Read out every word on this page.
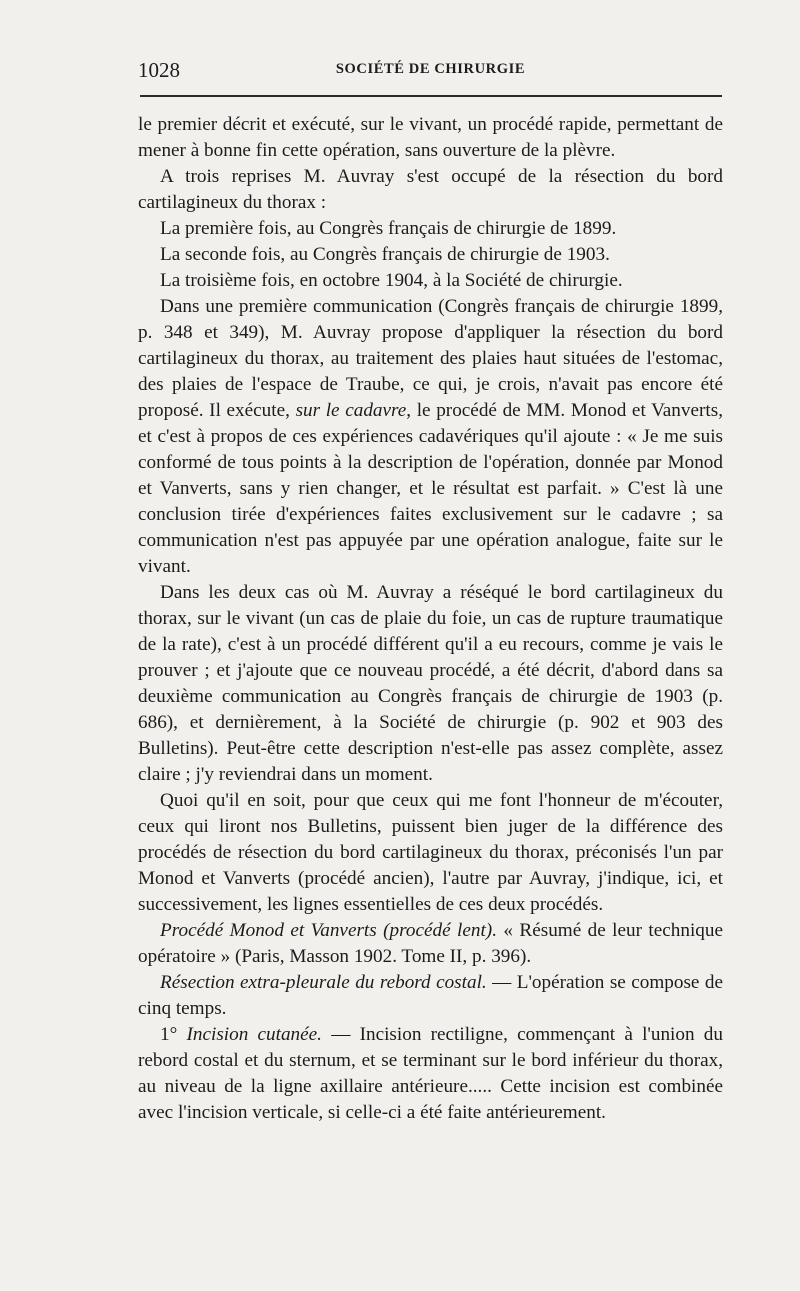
1028	SOCIÉTÉ DE CHIRURGIE

le premier décrit et exécuté, sur le vivant, un procédé rapide, permettant de mener à bonne fin cette opération, sans ouverture de la plèvre.

A trois reprises M. Auvray s'est occupé de la résection du bord cartilagineux du thorax :

La première fois, au Congrès français de chirurgie de 1899.

La seconde fois, au Congrès français de chirurgie de 1903.

La troisième fois, en octobre 1904, à la Société de chirurgie.

Dans une première communication (Congrès français de chirurgie 1899, p. 348 et 349), M. Auvray propose d'appliquer la résection du bord cartilagineux du thorax, au traitement des plaies haut situées de l'estomac, des plaies de l'espace de Traube, ce qui, je crois, n'avait pas encore été proposé. Il exécute, sur le cadavre, le procédé de MM. Monod et Vanverts, et c'est à propos de ces expériences cadavériques qu'il ajoute : « Je me suis conformé de tous points à la description de l'opération, donnée par Monod et Vanverts, sans y rien changer, et le résultat est parfait. » C'est là une conclusion tirée d'expériences faites exclusivement sur le cadavre ; sa communication n'est pas appuyée par une opération analogue, faite sur le vivant.

Dans les deux cas où M. Auvray a réséqué le bord cartilagineux du thorax, sur le vivant (un cas de plaie du foie, un cas de rupture traumatique de la rate), c'est à un procédé différent qu'il a eu recours, comme je vais le prouver ; et j'ajoute que ce nouveau procédé, a été décrit, d'abord dans sa deuxième communication au Congrès français de chirurgie de 1903 (p. 686), et dernièrement, à la Société de chirurgie (p. 902 et 903 des Bulletins). Peut-être cette description n'est-elle pas assez complète, assez claire ; j'y reviendrai dans un moment.

Quoi qu'il en soit, pour que ceux qui me font l'honneur de m'écouter, ceux qui liront nos Bulletins, puissent bien juger de la différence des procédés de résection du bord cartilagineux du thorax, préconisés l'un par Monod et Vanverts (procédé ancien), l'autre par Auvray, j'indique, ici, et successivement, les lignes essentielles de ces deux procédés.

Procédé Monod et Vanverts (procédé lent). « Résumé de leur technique opératoire » (Paris, Masson 1902. Tome II, p. 396).

Résection extra-pleurale du rebord costal. — L'opération se compose de cinq temps.

1° Incision cutanée. — Incision rectiligne, commençant à l'union du rebord costal et du sternum, et se terminant sur le bord inférieur du thorax, au niveau de la ligne axillaire antérieure..... Cette incision est combinée avec l'incision verticale, si celle-ci a été faite antérieurement.
